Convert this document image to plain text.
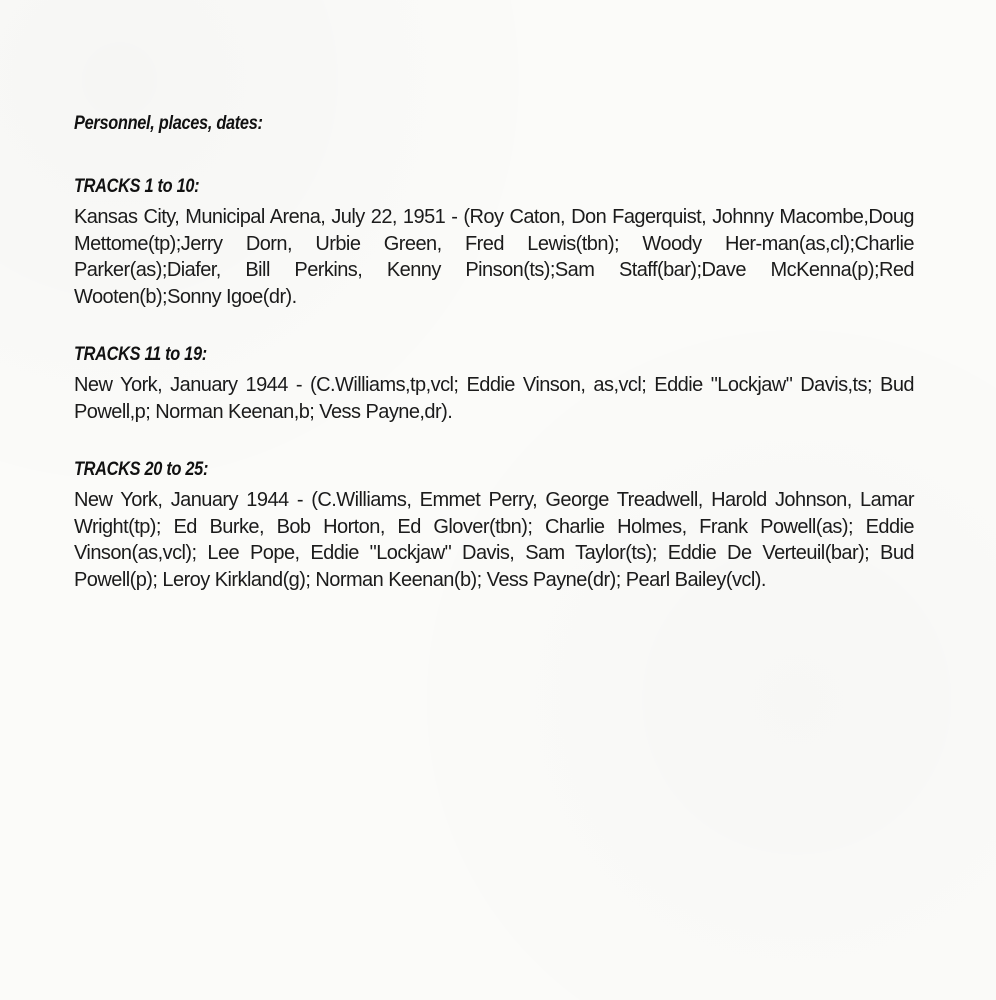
Personnel, places, dates:
TRACKS 1 to 10:

Kansas City, Municipal Arena, July 22, 1951 - (Roy Caton, Don Fagerquist, Johnny Macombe,Doug Mettome(tp);Jerry Dorn, Urbie Green, Fred Lewis(tbn); Woody Her-man(as,cl);Charlie Parker(as);Diafer, Bill Perkins, Kenny Pinson(ts);Sam Staff(bar);Dave McKenna(p);Red Wooten(b);Sonny Igoe(dr).

TRACKS 11 to 19:

New York, January 1944 - (C.Williams,tp,vcl; Eddie Vinson, as,vcl; Eddie "Lockjaw" Davis,ts; Bud Powell,p; Norman Keenan,b; Vess Payne,dr).

TRACKS 20 to 25:

New York, January 1944 - (C.Williams, Emmet Perry, George Treadwell, Harold Johnson, Lamar Wright(tp); Ed Burke, Bob Horton, Ed Glover(tbn); Charlie Holmes, Frank Powell(as); Eddie Vinson(as,vcl); Lee Pope, Eddie "Lockjaw" Davis, Sam Taylor(ts); Eddie De Verteuil(bar); Bud Powell(p); Leroy Kirkland(g); Norman Keenan(b); Vess Payne(dr); Pearl Bailey(vcl).
